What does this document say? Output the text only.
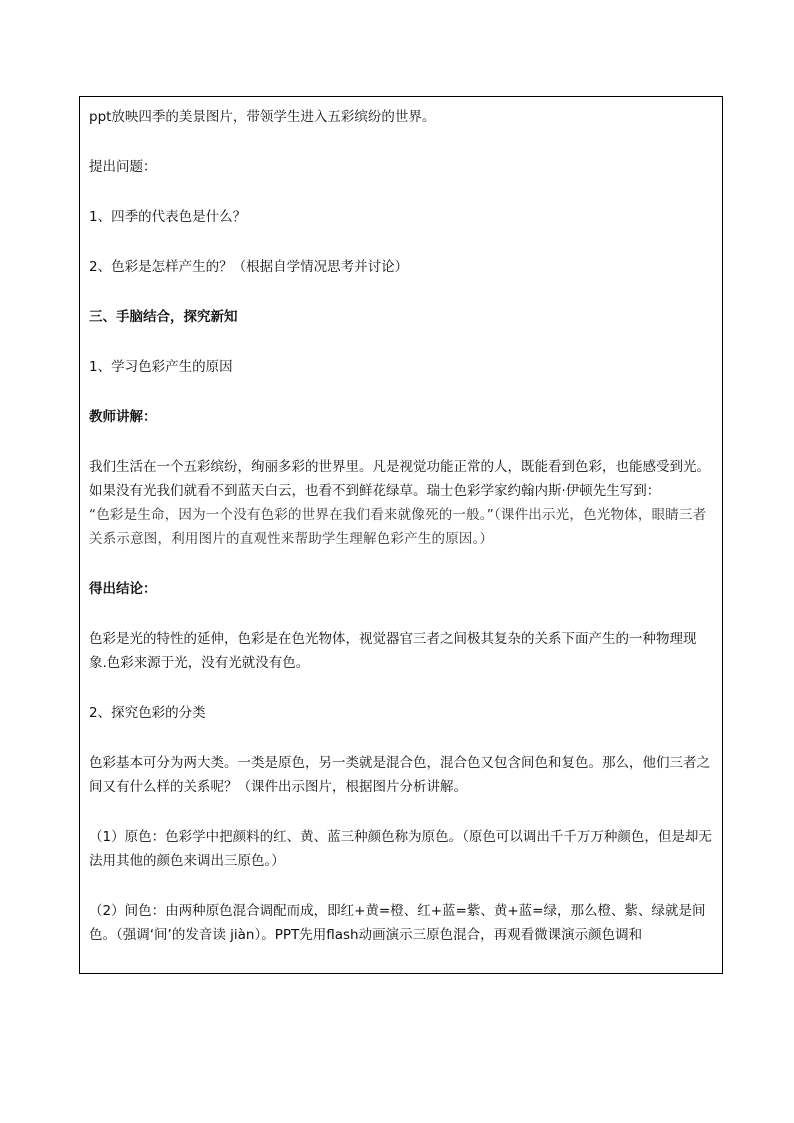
ppt放映四季的美景图片，带领学生进入五彩缤纷的世界。

提出问题：

1、四季的代表色是什么？

2、色彩是怎样产生的？（根据自学情况思考并讨论）

三、手脑结合，探究新知

1、学习色彩产生的原因

教师讲解：

我们生活在一个五彩缤纷，绚丽多彩的世界里。凡是视觉功能正常的人，既能看到色彩，也能感受到光。如果没有光我们就看不到蓝天白云，也看不到鲜花绿草。瑞士色彩学家约翰内斯·伊顿先生写到：

“色彩是生命，因为一个没有色彩的世界在我们看来就像死的一般。”（课件出示光，色光物体，眼睛三者关系示意图，利用图片的直观性来帮助学生理解色彩产生的原因。）

得出结论：

色彩是光的特性的延伸，色彩是在色光物体，视觉器官三者之间极其复杂的关系下面产生的一种物理现象.色彩来源于光，没有光就没有色。

2、探究色彩的分类

色彩基本可分为两大类。一类是原色，另一类就是混合色，混合色又包含间色和复色。那么，他们三者之间又有什么样的关系呢？（课件出示图片，根据图片分析讲解。

（1）原色：色彩学中把颜料的红、黄、蓝三种颜色称为原色。（原色可以调出千千万万种颜色，但是却无法用其他的颜色来调出三原色。）

（2）间色：由两种原色混合调配而成，即红+黄=橙、红+蓝=紫、黄+蓝=绿，那么橙、紫、绿就是间色。（强调‘间’的发音读 jiàn）。PPT先用flash动画演示三原色混合，再观看微课演示颜色调和
